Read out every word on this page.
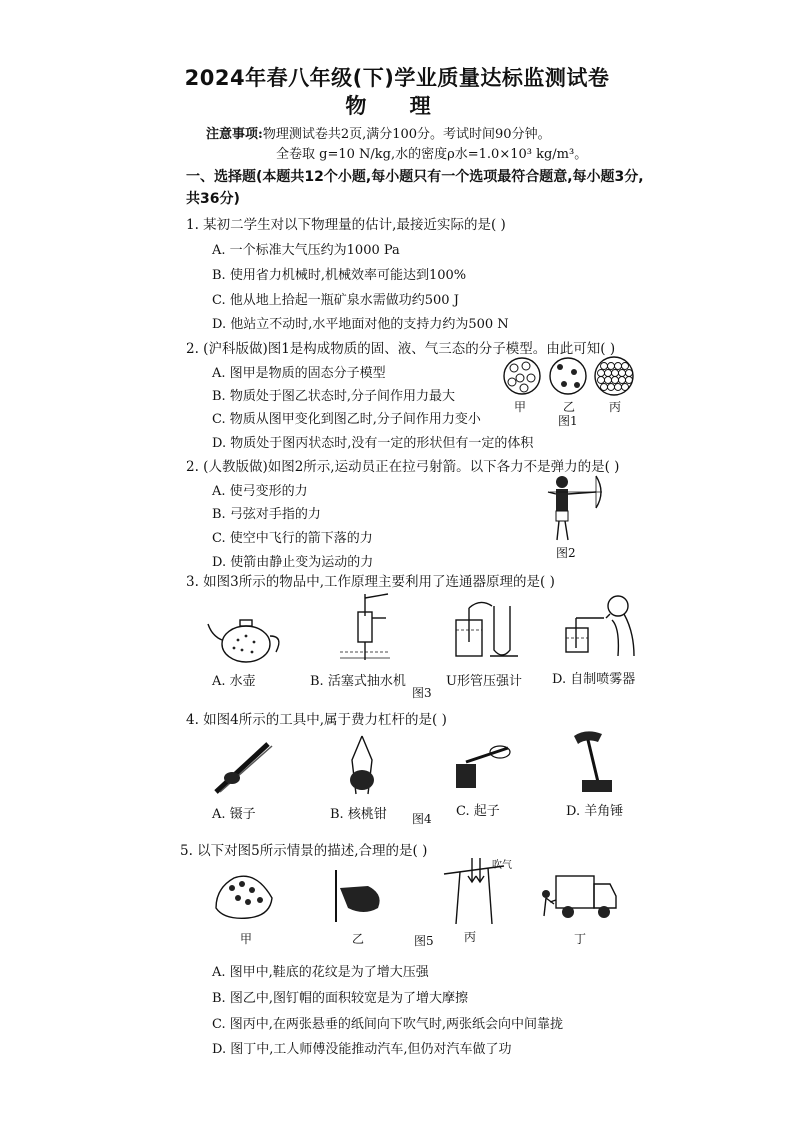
2024年春八年级(下)学业质量达标监测试卷
物 理
注意事项:物理测试卷共2页,满分100分。考试时间90分钟。
全卷取 g=10 N/kg,水的密度ρ水=1.0×10³ kg/m³。
一、选择题(本题共12个小题,每小题只有一个选项最符合题意,每小题3分,
共36分)
1. 某初二学生对以下物理量的估计,最接近实际的是( )
A. 一个标准大气压约为1000 Pa
B. 使用省力机械时,机械效率可能达到100%
C. 他从地上拾起一瓶矿泉水需做功约500 J
D. 他站立不动时,水平地面对他的支持力约为500 N
2. (沪科版做)图1是构成物质的固、液、气三态的分子模型。由此可知( )
A. 图甲是物质的固态分子模型
B. 物质处于图乙状态时,分子间作用力最大
C. 物质从图甲变化到图乙时,分子间作用力变小
D. 物质处于图丙状态时,没有一定的形状但有一定的体积
甲	乙	丙
图1
2. (人教版做)如图2所示,运动员正在拉弓射箭。以下各力不是弹力的是( )
A. 使弓变形的力
B. 弓弦对手指的力
C. 使空中飞行的箭下落的力
D. 使箭由静止变为运动的力
图2
3. 如图3所示的物品中,工作原理主要利用了连通器原理的是( )
A. 水壶	B. 活塞式抽水机	U形管压强计 D. 自制喷雾器
图3
4. 如图4所示的工具中,属于费力杠杆的是( )
A. 镊子	B. 核桃钳	C. 起子	D. 羊角锤
图4
5. 以下对图5所示情景的描述,合理的是( )
甲	乙
吹气
丙	丁
图5
A. 图甲中,鞋底的花纹是为了增大压强
B. 图乙中,图钉帽的面积较宽是为了增大摩擦
C. 图丙中,在两张悬垂的纸间向下吹气时,两张纸会向中间靠拢
D. 图丁中,工人师傅没能推动汽车,但仍对汽车做了功
